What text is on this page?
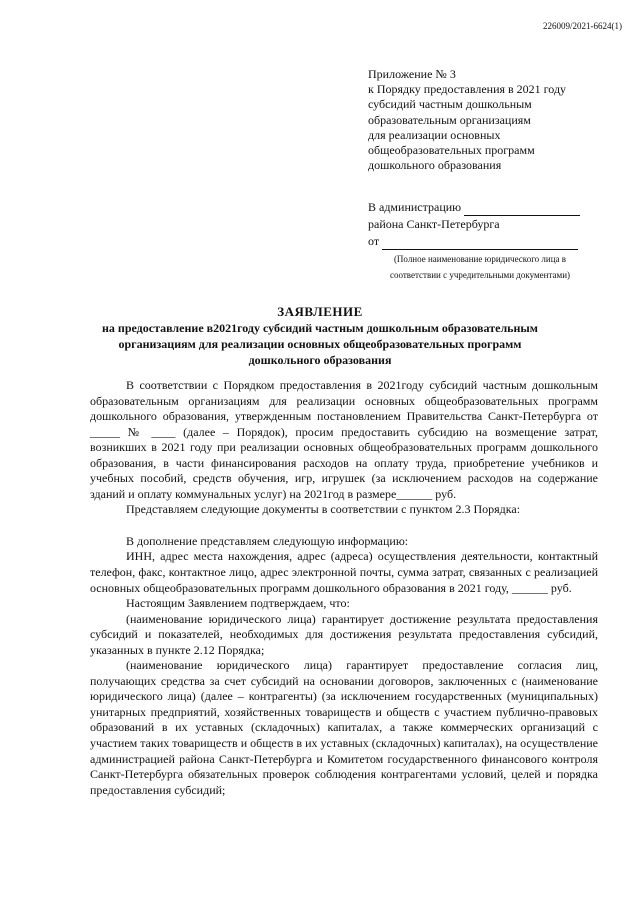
226009/2021-6624(1)
Приложение № 3
к Порядку предоставления в 2021 году
субсидий частным дошкольным
образовательным организациям
для реализации основных
общеобразовательных программ
дошкольного образования
В администрацию
района Санкт-Петербурга
от
(Полное наименование юридического лица в соответствии с учредительными документами)
ЗАЯВЛЕНИЕ
на предоставление в2021году субсидий частным дошкольным образовательным
организациям для реализации основных общеобразовательных программ
дошкольного образования

В соответствии с Порядком предоставления в 2021году субсидий частным дошкольным образовательным организациям для реализации основных общеобразовательных программ дошкольного образования, утвержденным постановлением Правительства Санкт-Петербурга от _____ № ____ (далее – Порядок), просим предоставить субсидию на возмещение затрат, возникших в 2021 году при реализации основных общеобразовательных программ дошкольного образования, в части финансирования расходов на оплату труда, приобретение учебников и учебных пособий, средств обучения, игр, игрушек (за исключением расходов на содержание зданий и оплату коммунальных услуг) на 2021год в размере______ руб.

Представляем следующие документы в соответствии с пунктом 2.3 Порядка:

В дополнение представляем следующую информацию:

ИНН, адрес места нахождения, адрес (адреса) осуществления деятельности, контактный телефон, факс, контактное лицо, адрес электронной почты, сумма затрат, связанных с реализацией основных общеобразовательных программ дошкольного образования в 2021 году, ______ руб.

Настоящим Заявлением подтверждаем, что:

(наименование юридического лица) гарантирует достижение результата предоставления субсидий и показателей, необходимых для достижения результата предоставления субсидий, указанных в пункте 2.12 Порядка;

(наименование юридического лица) гарантирует предоставление согласия лиц, получающих средства за счет субсидий на основании договоров, заключенных с (наименование юридического лица) (далее – контрагенты) (за исключением государственных (муниципальных) унитарных предприятий, хозяйственных товариществ и обществ с участием публично-правовых образований в их уставных (складочных) капиталах, а также коммерческих организаций с участием таких товариществ и обществ в их уставных (складочных) капиталах), на осуществление администрацией района Санкт-Петербурга и Комитетом государственного финансового контроля Санкт-Петербурга обязательных проверок соблюдения контрагентами условий, целей и порядка предоставления субсидий;
